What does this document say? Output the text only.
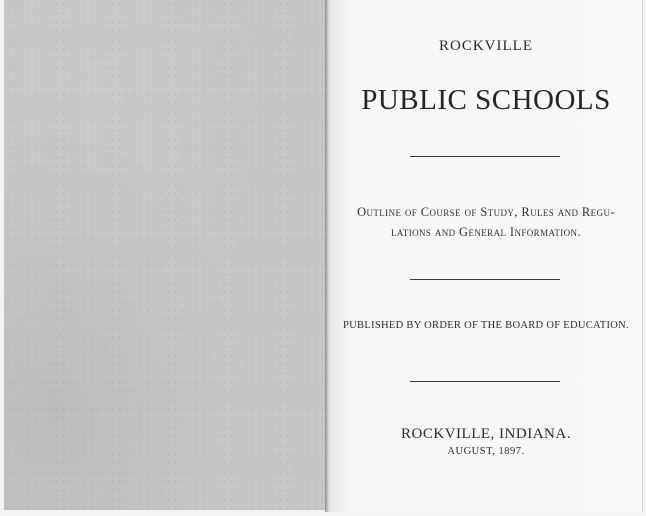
ROCKVILLE
PUBLIC SCHOOLS
Outline of Course of Study, Rules and Regu-
lations and General Information.
PUBLISHED BY ORDER OF THE BOARD OF EDUCATION.
ROCKVILLE, INDIANA.
AUGUST, 1897.
